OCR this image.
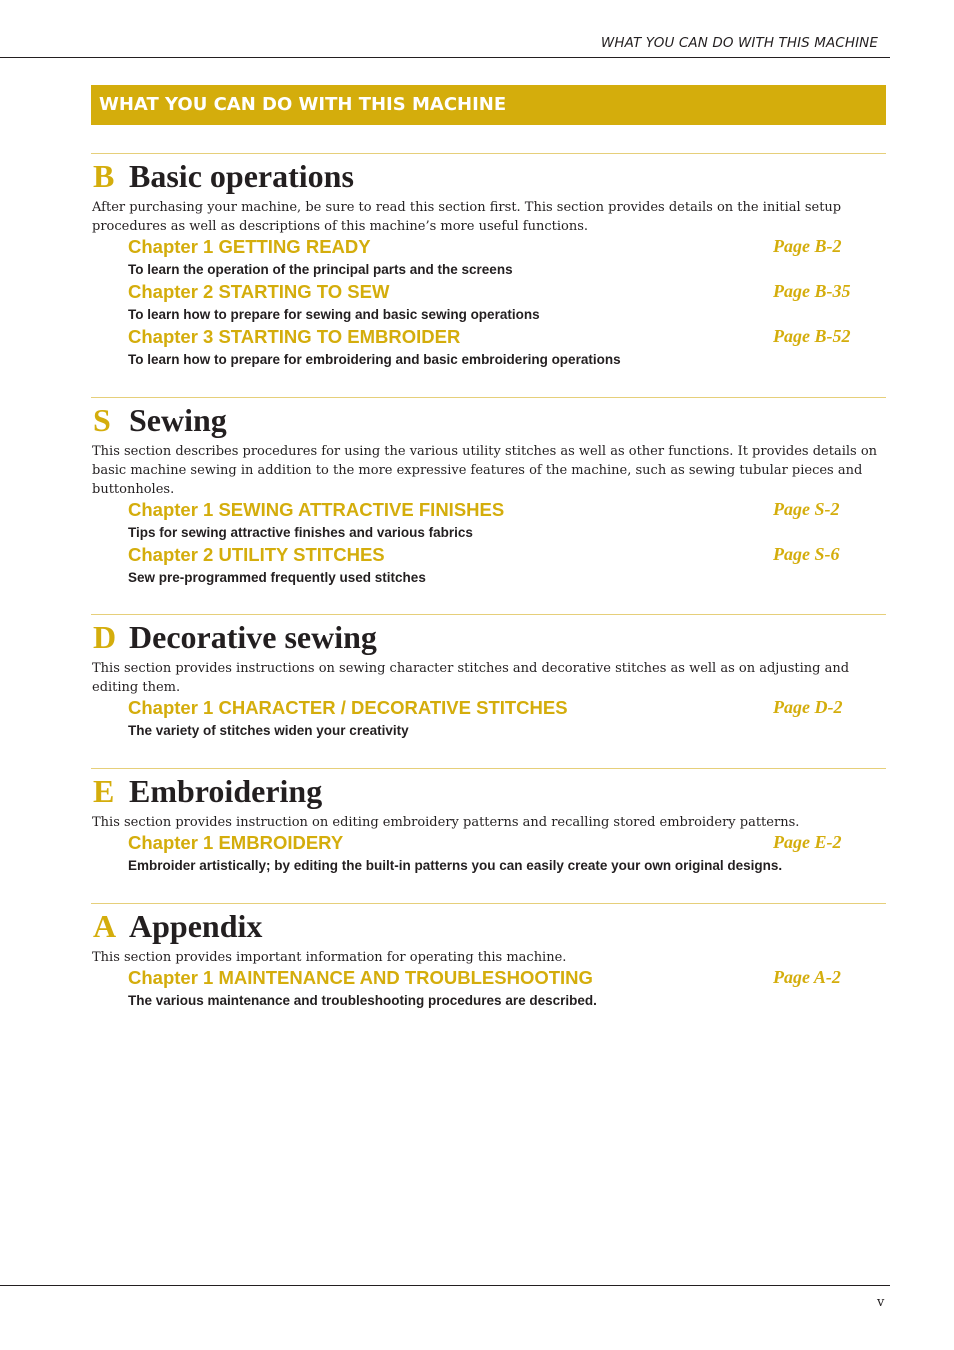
WHAT YOU CAN DO WITH THIS MACHINE
WHAT YOU CAN DO WITH THIS MACHINE
B Basic operations

After purchasing your machine, be sure to read this section first. This section provides details on the initial setup procedures as well as descriptions of this machine’s more useful functions.

Chapter 1 GETTING READY	Page B-2
To learn the operation of the principal parts and the screens
Chapter 2 STARTING TO SEW	Page B-35
To learn how to prepare for sewing and basic sewing operations
Chapter 3 STARTING TO EMBROIDER	Page B-52
To learn how to prepare for embroidering and basic embroidering operations
S Sewing

This section describes procedures for using the various utility stitches as well as other functions. It provides details on basic machine sewing in addition to the more expressive features of the machine, such as sewing tubular pieces and buttonholes.

Chapter 1 SEWING ATTRACTIVE FINISHES	Page S-2
Tips for sewing attractive finishes and various fabrics
Chapter 2 UTILITY STITCHES	Page S-6
Sew pre-programmed frequently used stitches
D Decorative sewing

This section provides instructions on sewing character stitches and decorative stitches as well as on adjusting and editing them.

Chapter 1 CHARACTER / DECORATIVE STITCHES	Page D-2
The variety of stitches widen your creativity
E Embroidering

This section provides instruction on editing embroidery patterns and recalling stored embroidery patterns.

Chapter 1 EMBROIDERY	Page E-2
Embroider artistically; by editing the built-in patterns you can easily create your own original designs.
A Appendix

This section provides important information for operating this machine.

Chapter 1 MAINTENANCE AND TROUBLESHOOTING	Page A-2
The various maintenance and troubleshooting procedures are described.
v
